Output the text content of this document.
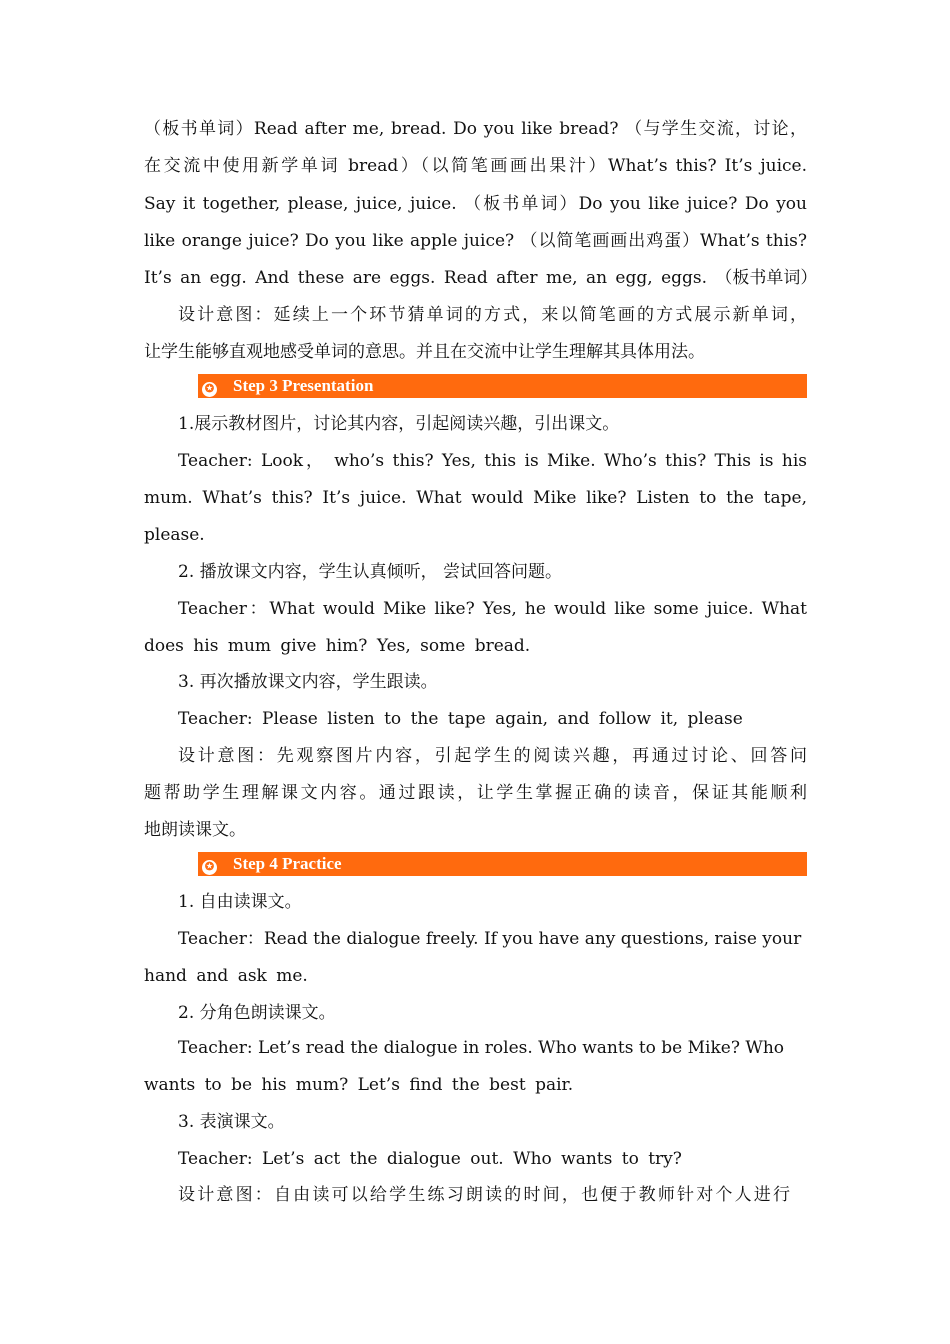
（板书单词）Read after me, bread. Do you like bread? （与学生交流，讨论，
在交流中使用新学单词 bread）（以简笔画画出果汁）What’s this? It’s juice.
Say it together, please, juice, juice. （板书单词）Do you like juice? Do you
like orange juice? Do you like apple juice? （以简笔画画出鸡蛋）What’s this?
It’s an egg. And these are eggs. Read after me, an egg, eggs. （板书单词）
设计意图：延续上一个环节猜单词的方式，来以简笔画的方式展示新单词，
让学生能够直观地感受单词的意思。并且在交流中让学生理解其具体用法。
✪ Step 3 Presentation
1.展示教材图片，讨论其内容，引起阅读兴趣，引出课文。
Teacher: Look， who’s this? Yes, this is Mike. Who’s this? This is his
mum. What’s this? It’s juice. What would Mike like? Listen to the tape,
please.
2. 播放课文内容，学生认真倾听， 尝试回答问题。
Teacher：What would Mike like? Yes, he would like some juice. What
does his mum give him? Yes, some bread.
3. 再次播放课文内容，学生跟读。
Teacher: Please listen to the tape again, and follow it, please
设计意图：先观察图片内容，引起学生的阅读兴趣，再通过讨论、回答问
题帮助学生理解课文内容。通过跟读，让学生掌握正确的读音，保证其能顺利
地朗读课文。
✪ Step 4 Practice
1. 自由读课文。
Teacher：Read the dialogue freely. If you have any questions, raise your
hand and ask me.
2. 分角色朗读课文。
Teacher: Let’s read the dialogue in roles. Who wants to be Mike? Who
wants to be his mum? Let’s find the best pair.
3. 表演课文。
Teacher: Let’s act the dialogue out. Who wants to try?
设计意图：自由读可以给学生练习朗读的时间，也便于教师针对个人进行
